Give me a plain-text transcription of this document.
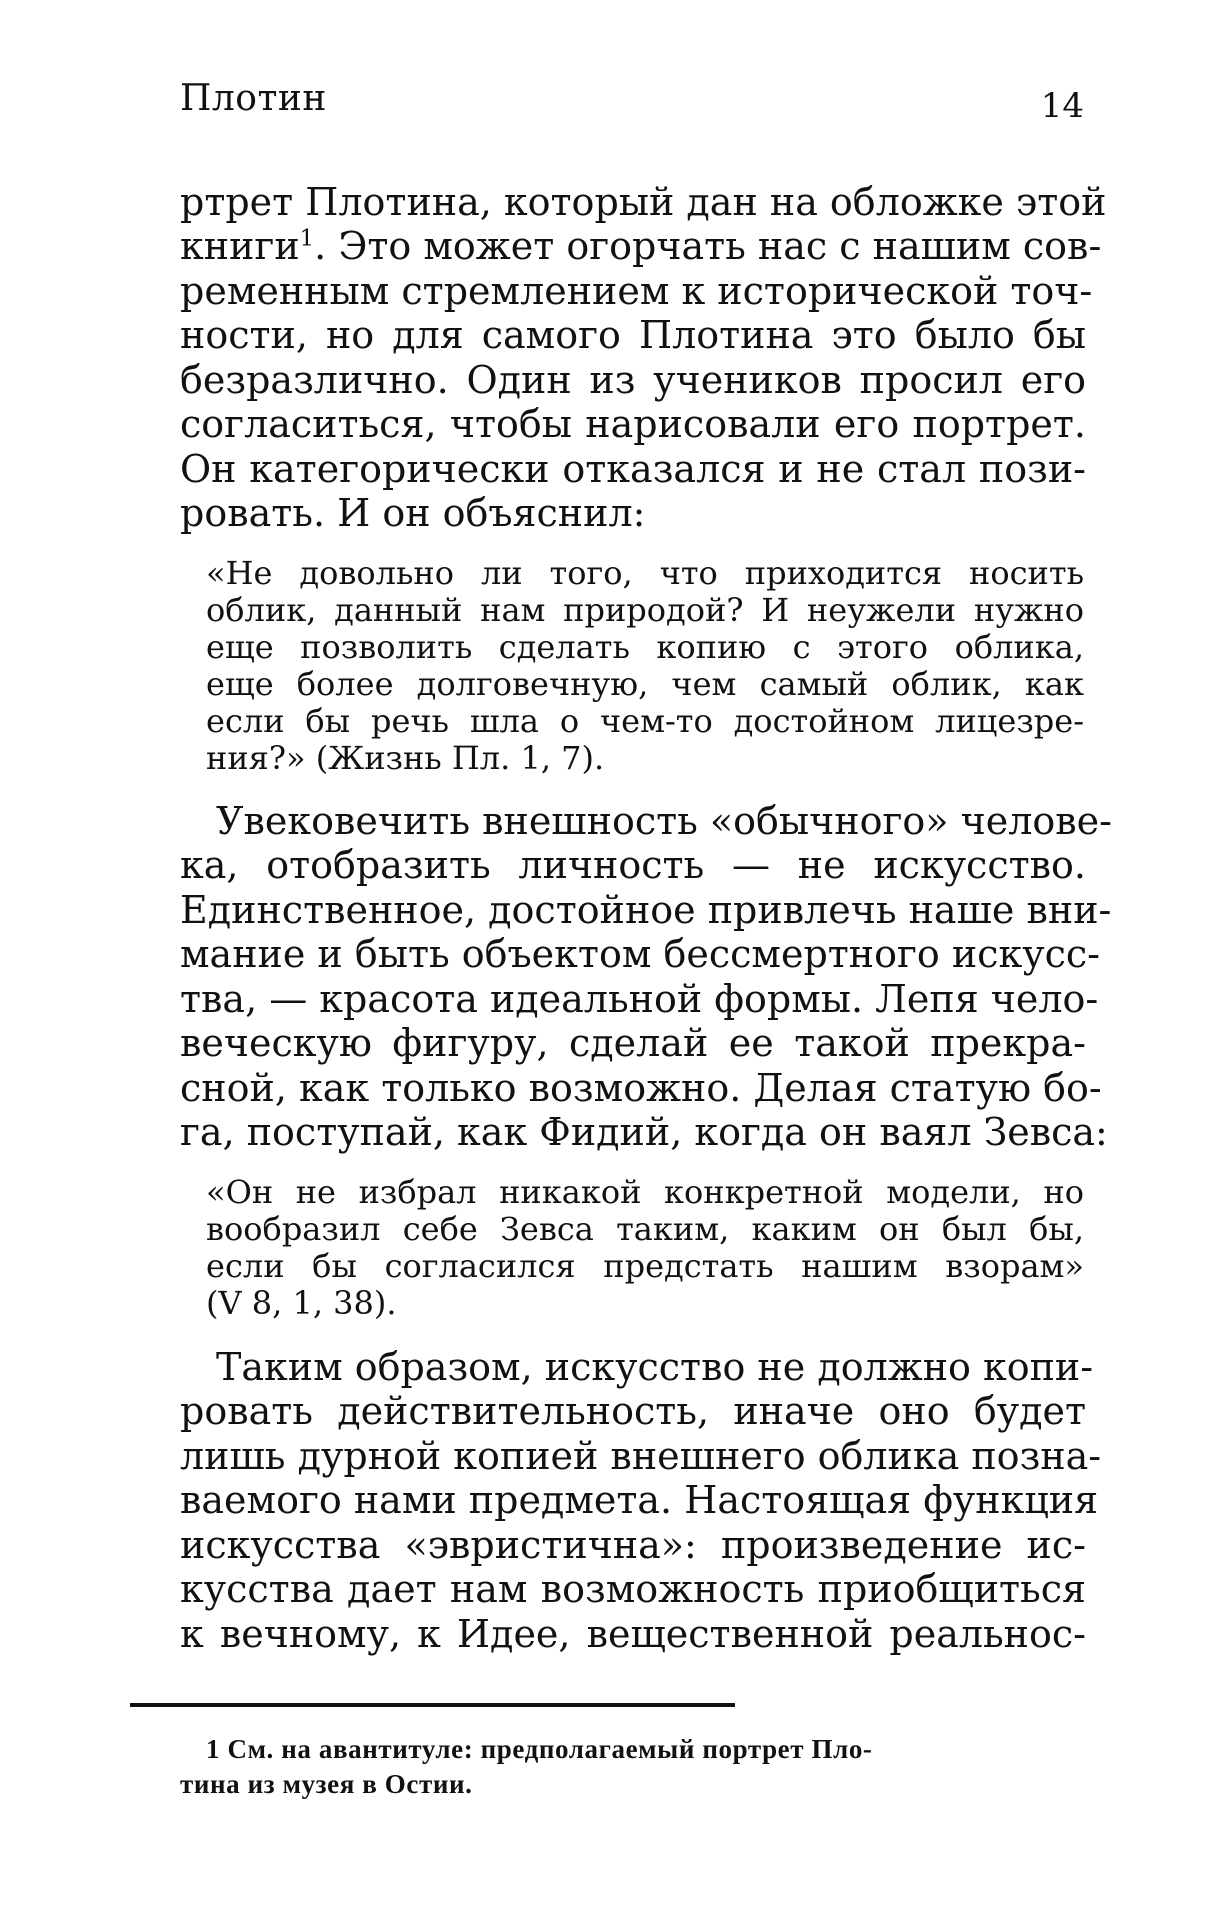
Плотин	14

ртрет Плотина, который дан на обложке этой

книги$^1$. Это может огорчать нас с нашим сов-

ременным стремлением к исторической точ-

ности, но для самого Плотина это было бы

безразлично. Один из учеников просил его

согласиться, чтобы нарисовали его портрет.

Он категорически отказался и не стал пози-

ровать. И он объяснил:

«Не довольно ли того, что приходится носить

облик, данный нам природой? И неужели нужно

еще позволить сделать копию с этого облика,

еще более долговечную, чем самый облик, как

если бы речь шла о чем-то достойном лицезре-

ния?» (Жизнь Пл. 1, 7).

Увековечить внешность «обычного» челове-

ка, отобразить личность — не искусство.

Единственное, достойное привлечь наше вни-

мание и быть объектом бессмертного искусс-

тва, — красота идеальной формы. Лепя чело-

веческую фигуру, сделай ее такой прекра-

сной, как только возможно. Делая статую бо-

га, поступай, как Фидий, когда он ваял Зевса:

«Он не избрал никакой конкретной модели, но

вообразил себе Зевса таким, каким он был бы,

если бы согласился предстать нашим взорам»

(V 8, 1, 38).

Таким образом, искусство не должно копи-

ровать действительность, иначе оно будет

лишь дурной копией внешнего облика позна-

ваемого нами предмета. Настоящая функция

искусства «эвристична»: произведение ис-

кусства дает нам возможность приобщиться

к вечному, к Идее, вещественной реальнос-

1 См. на авантитуле: предполагаемый портрет Пло-
тина из музея в Остии.
